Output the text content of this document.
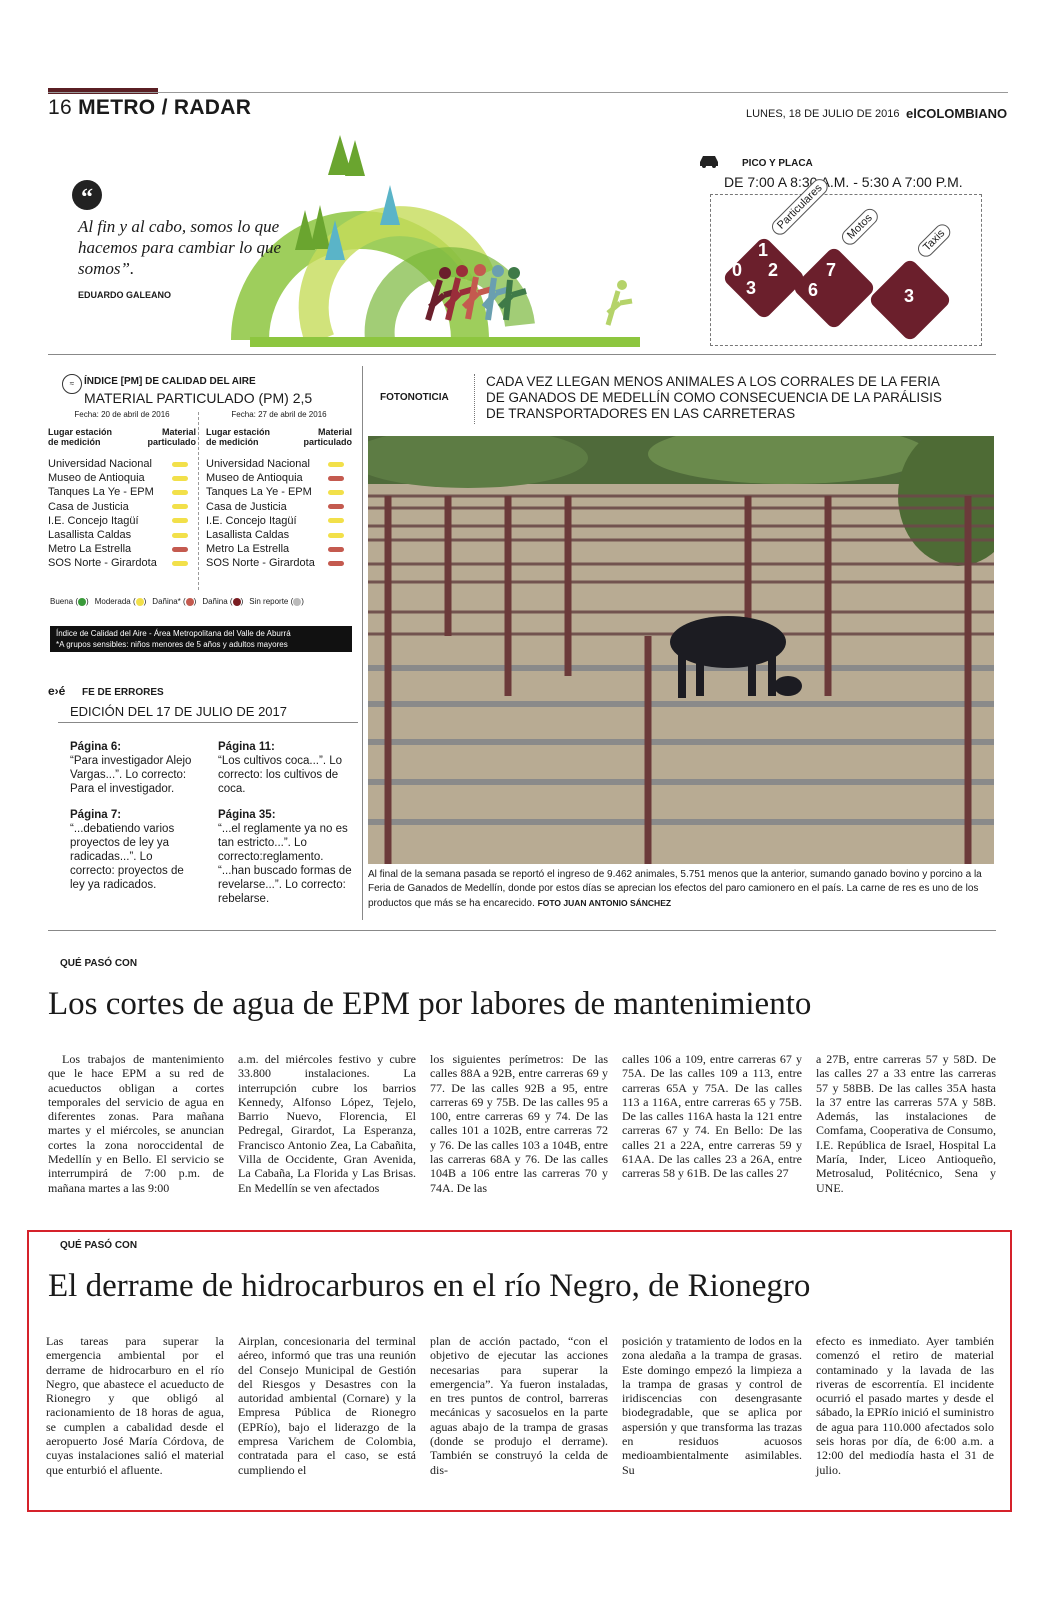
16 METRO / RADAR	LUNES, 18 DE JULIO DE 2016 elCOLOMBIANO
“
Al fin y al cabo, somos lo que hacemos para cambiar lo que somos”.
EDUARDO GALEANO
PICO Y PLACA
DE 7:00 A 8:30 A.M. - 5:30 A 7:00 P.M.
1
0 2
3
Particulares
7
6
Motos
3
Taxis
≈ ÍNDICE [PM] DE CALIDAD DEL AIRE
MATERIAL PARTICULADO (PM) 2,5
Fecha: 20 de abril de 2016
Lugar estación de medición
Material particulado
Universidad Nacional
Museo de Antioquia
Tanques La Ye - EPM
Casa de Justicia
I.E. Concejo Itagüí
Lasallista Caldas
Metro La Estrella
SOS Norte - Girardota
Fecha: 27 de abril de 2016
Lugar estación de medición
Material particulado
Universidad Nacional
Museo de Antioquia
Tanques La Ye - EPM
Casa de Justicia
I.E. Concejo Itagüí
Lasallista Caldas
Metro La Estrella
SOS Norte - Girardota
Buena ( ) Moderada ( ) Dañina* ( ) Dañina ( ) Sin reporte ( )
Índice de Calidad del Aire - Área Metropolitana del Valle de Aburrá
*A grupos sensibles: niños menores de 5 años y adultos mayores
e›é FE DE ERRORES
EDICIÓN DEL 17 DE JULIO DE 2017
Página 6:
“Para investigador Alejo Vargas...”. Lo correcto: Para el investigador.
Página 7:
“...debatiendo varios proyectos de ley ya radicadas...”. Lo correcto: proyectos de ley ya radicados.
Página 11:
“Los cultivos coca...”. Lo correcto: los cultivos de coca.
Página 35:
“...el reglamente ya no es tan estricto...”. Lo correcto:reglamento. “...han buscado formas de revelarse...”. Lo correcto: rebelarse.
FOTONOTICIA
CADA VEZ LLEGAN MENOS ANIMALES A LOS CORRALES DE LA FERIA DE GANADOS DE MEDELLÍN COMO CONSECUENCIA DE LA PARÁLISIS DE TRANSPORTADORES EN LAS CARRETERAS
Al final de la semana pasada se reportó el ingreso de 9.462 animales, 5.751 menos que la anterior, sumando ganado bovino y porcino a la Feria de Ganados de Medellín, donde por estos días se aprecian los efectos del paro camionero en el país. La carne de res es uno de los productos que más se ha encarecido. FOTO JUAN ANTONIO SÁNCHEZ
QUÉ PASÓ CON
Los cortes de agua de EPM por labores de mantenimiento
Los trabajos de mantenimiento que le hace EPM a su red de acueductos obligan a cortes temporales del servicio de agua en diferentes zonas. Para mañana martes y el miércoles, se anuncian cortes la zona noroccidental de Medellín y en Bello. El servicio se interrumpirá de 7:00 p.m. de mañana martes a las 9:00
a.m. del miércoles festivo y cubre 33.800 instalaciones. La interrupción cubre los barrios Kennedy, Alfonso López, Tejelo, Barrio Nuevo, Florencia, El Pedregal, Girardot, La Esperanza, Francisco Antonio Zea, La Cabañita, Villa de Occidente, Gran Avenida, La Cabaña, La Florida y Las Brisas. En Medellín se ven afectados
los siguientes perímetros: De las calles 88A a 92B, entre carreras 69 y 77. De las calles 92B a 95, entre carreras 69 y 75B. De las calles 95 a 100, entre carreras 69 y 74. De las calles 101 a 102B, entre carreras 72 y 76. De las calles 103 a 104B, entre las carreras 68A y 76. De las calles 104B a 106 entre las carreras 70 y 74A. De las
calles 106 a 109, entre carreras 67 y 75A. De las calles 109 a 113, entre carreras 65A y 75A. De las calles 113 a 116A, entre carreras 65 y 75B. De las calles 116A hasta la 121 entre carreras 67 y 74. En Bello: De las calles 21 a 22A, entre carreras 59 y 61AA. De las calles 23 a 26A, entre carreras 58 y 61B. De las calles 27
a 27B, entre carreras 57 y 58D. De las calles 27 a 33 entre las carreras 57 y 58BB. De las calles 35A hasta la 37 entre las carreras 57A y 58B. Además, las instalaciones de Comfama, Cooperativa de Consumo, I.E. República de Israel, Hospital La María, Inder, Liceo Antioqueño, Metrosalud, Politécnico, Sena y UNE.
QUÉ PASÓ CON
El derrame de hidrocarburos en el río Negro, de Rionegro
Las tareas para superar la emergencia ambiental por el derrame de hidrocarburo en el río Negro, que abastece el acueducto de Rionegro y que obligó al racionamiento de 18 horas de agua, se cumplen a cabalidad desde el aeropuerto José María Córdova, de cuyas instalaciones salió el material que enturbió el afluente.
Airplan, concesionaria del terminal aéreo, informó que tras una reunión del Consejo Municipal de Gestión del Riesgos y Desastres con la autoridad ambiental (Cornare) y la Empresa Pública de Rionegro (EPRío), bajo el liderazgo de la empresa Varichem de Colombia, contratada para el caso, se está cumpliendo el
plan de acción pactado, “con el objetivo de ejecutar las acciones necesarias para superar la emergencia”. Ya fueron instaladas, en tres puntos de control, barreras mecánicas y sacosuelos en la parte aguas abajo de la trampa de grasas (donde se produjo el derrame). También se construyó la celda de dis-
posición y tratamiento de lodos en la zona aledaña a la trampa de grasas. Este domingo empezó la limpieza a la trampa de grasas y control de iridiscencias con desengrasante biodegradable, que se aplica por aspersión y que transforma las trazas en residuos acuosos medioambientalmente asimilables. Su
efecto es inmediato. Ayer también comenzó el retiro de material contaminado y la lavada de las riveras de escorrentía. El incidente ocurrió el pasado martes y desde el sábado, la EPRío inició el suministro de agua para 110.000 afectados solo seis horas por día, de 6:00 a.m. a 12:00 del mediodía hasta el 31 de julio.
